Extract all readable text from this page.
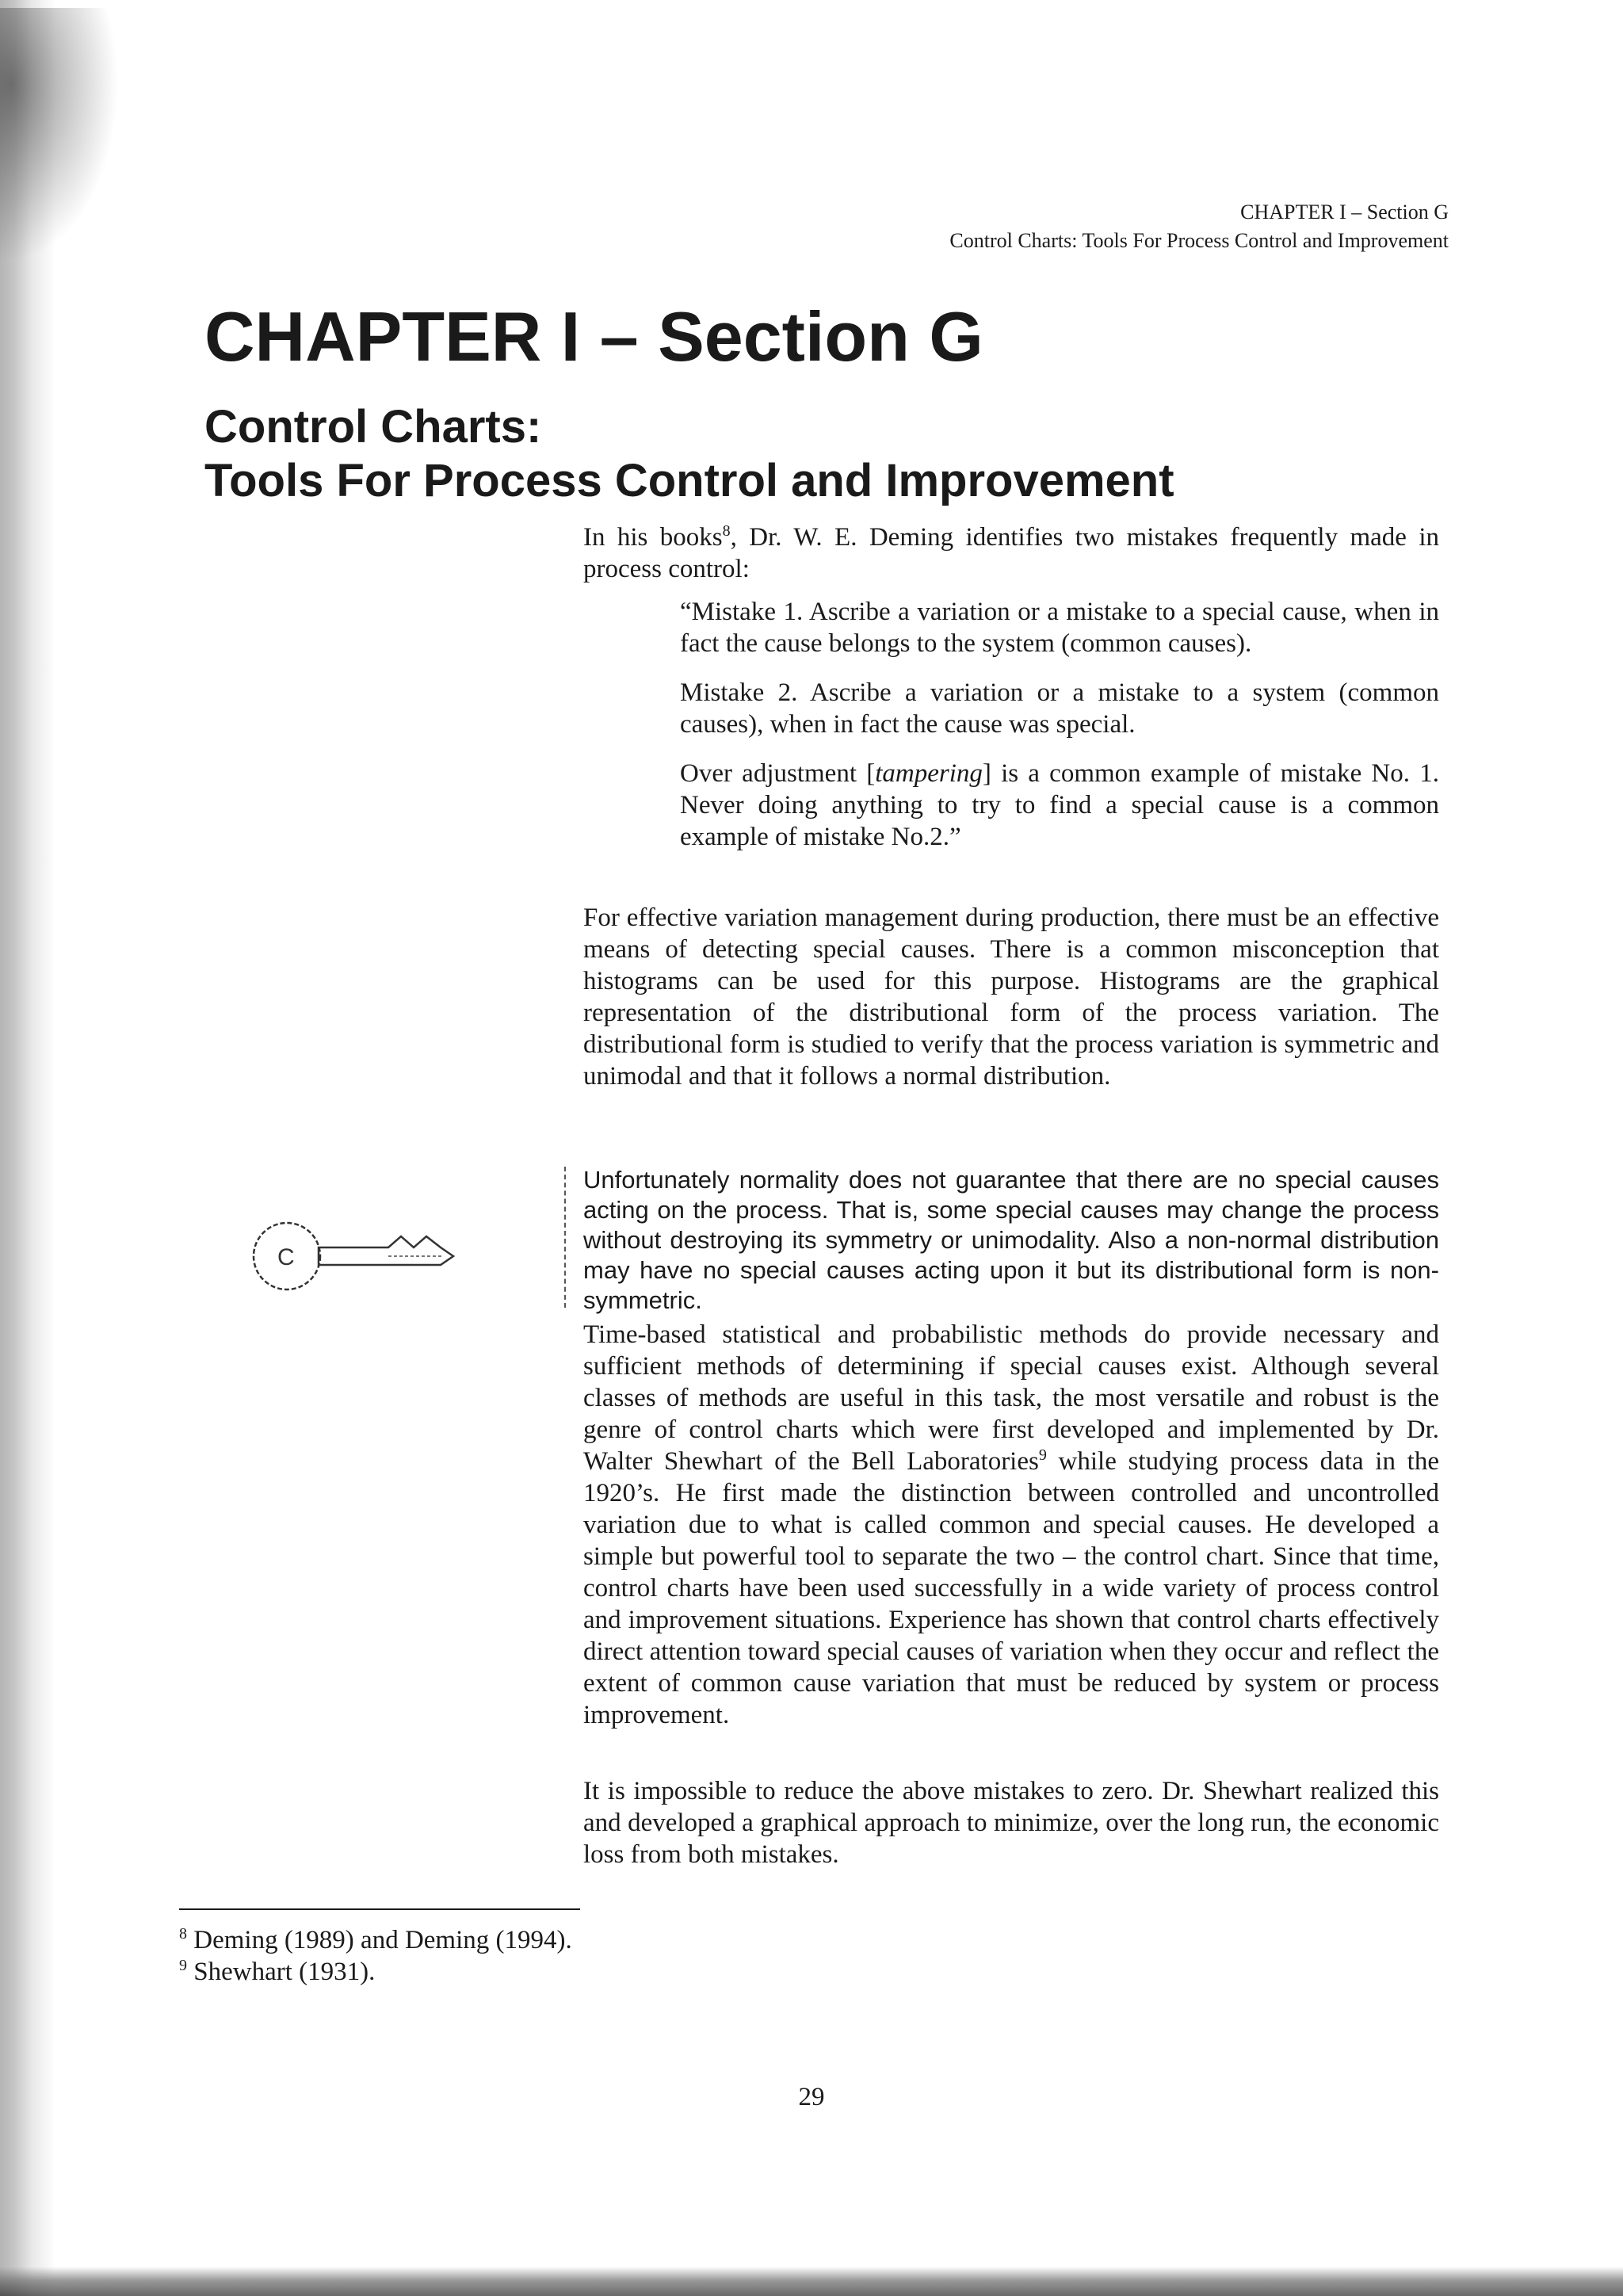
CHAPTER I – Section G
Control Charts: Tools For Process Control and Improvement
CHAPTER I – Section G
Control Charts:
Tools For Process Control and Improvement

In his books$^8$, Dr. W. E. Deming identifies two mistakes frequently made in process control:

“Mistake 1. Ascribe a variation or a mistake to a special cause, when in fact the cause belongs to the system (common causes).

Mistake 2. Ascribe a variation or a mistake to a system (common causes), when in fact the cause was special.

Over adjustment [tampering] is a common example of mistake No. 1. Never doing anything to try to find a special cause is a common example of mistake No.2.”

For effective variation management during production, there must be an effective means of detecting special causes. There is a common misconception that histograms can be used for this purpose. Histograms are the graphical representation of the distributional form of the process variation. The distributional form is studied to verify that the process variation is symmetric and unimodal and that it follows a normal distribution.

C

Unfortunately normality does not guarantee that there are no special causes acting on the process. That is, some special causes may change the process without destroying its symmetry or unimodality. Also a non-normal distribution may have no special causes acting upon it but its distributional form is non-symmetric.

Time-based statistical and probabilistic methods do provide necessary and sufficient methods of determining if special causes exist. Although several classes of methods are useful in this task, the most versatile and robust is the genre of control charts which were first developed and implemented by Dr. Walter Shewhart of the Bell Laboratories$^9$ while studying process data in the 1920’s. He first made the distinction between controlled and uncontrolled variation due to what is called common and special causes. He developed a simple but powerful tool to separate the two – the control chart. Since that time, control charts have been used successfully in a wide variety of process control and improvement situations. Experience has shown that control charts effectively direct attention toward special causes of variation when they occur and reflect the extent of common cause variation that must be reduced by system or process improvement.

It is impossible to reduce the above mistakes to zero. Dr. Shewhart realized this and developed a graphical approach to minimize, over the long run, the economic loss from both mistakes.

$^8$ Deming (1989) and Deming (1994).
$^9$ Shewhart (1931).
29
